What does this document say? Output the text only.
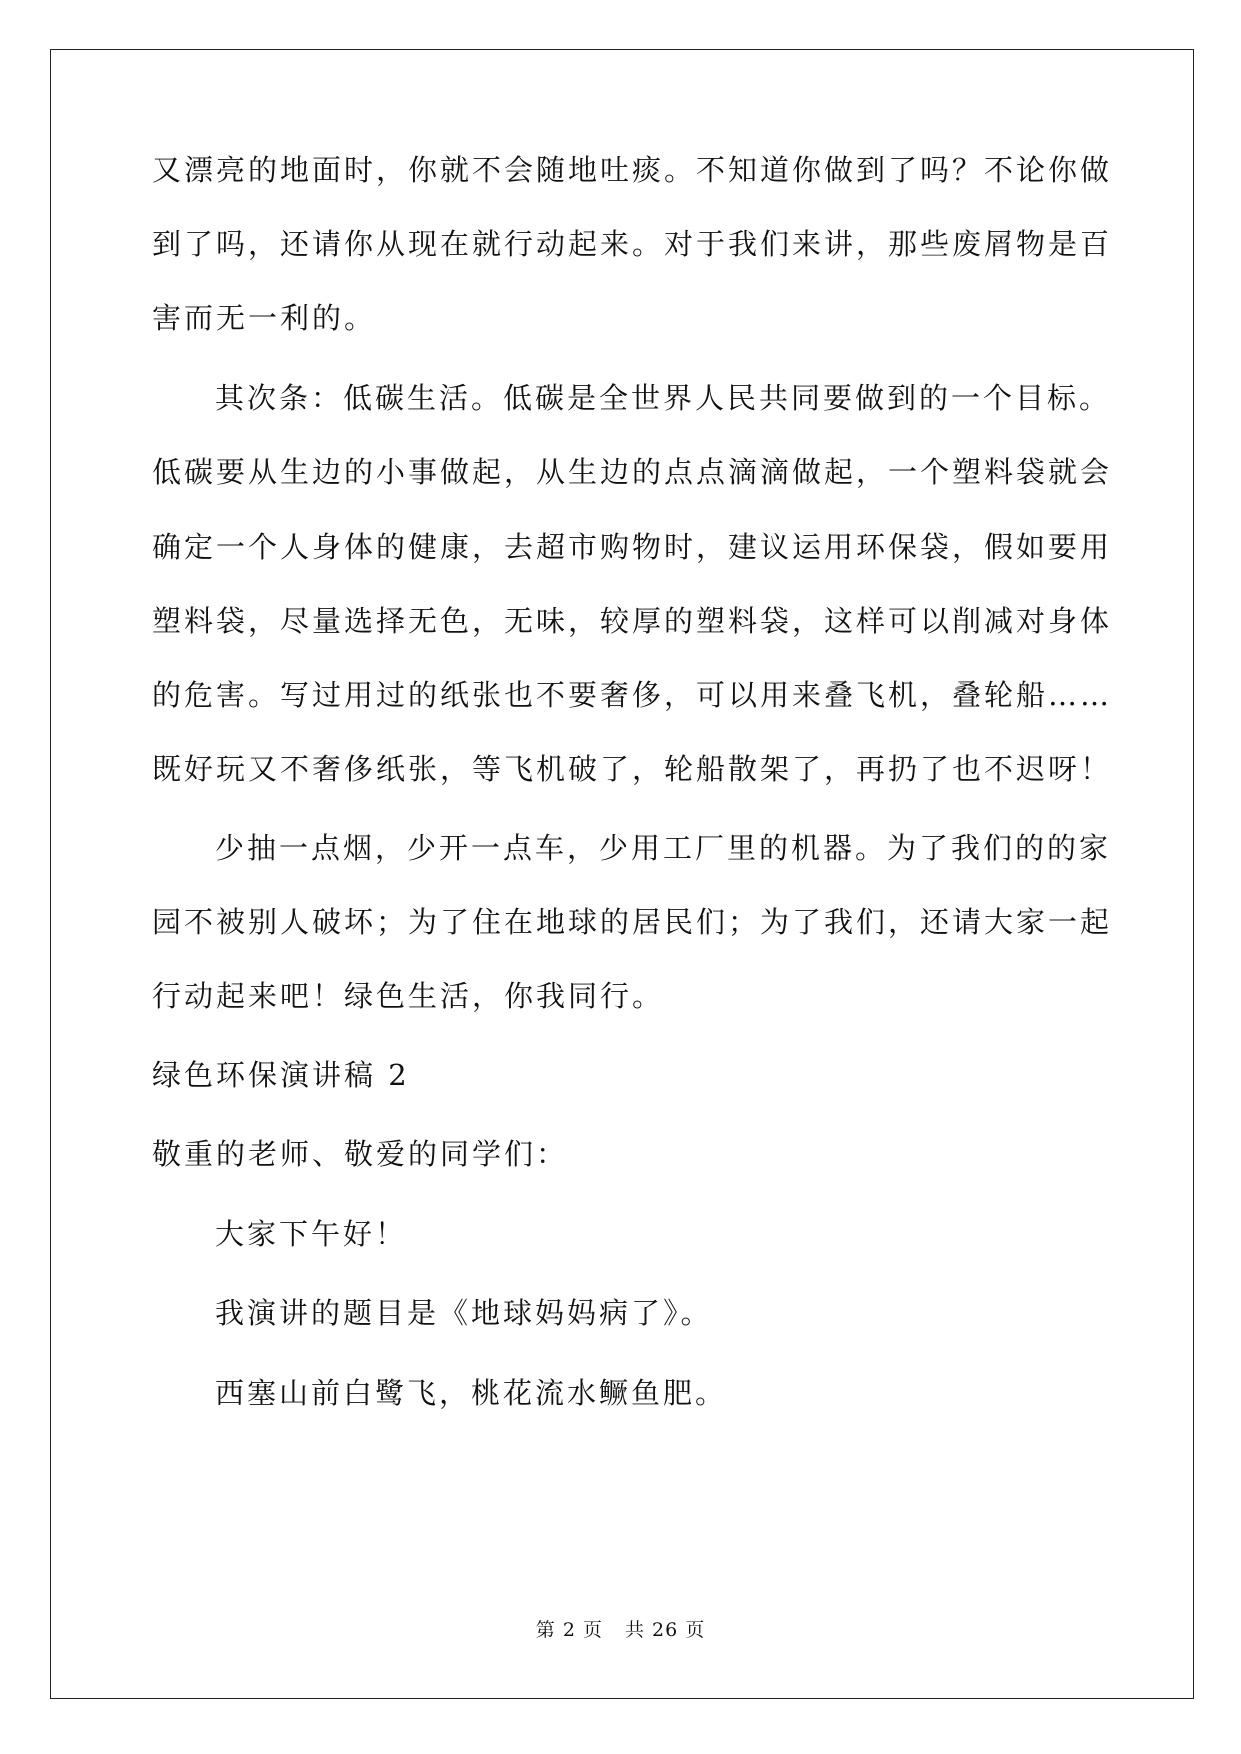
又漂亮的地面时，你就不会随地吐痰。不知道你做到了吗？不论你做
到了吗，还请你从现在就行动起来。对于我们来讲，那些废屑物是百
害而无一利的。
其次条：低碳生活。低碳是全世界人民共同要做到的一个目标。
低碳要从生边的小事做起，从生边的点点滴滴做起，一个塑料袋就会
确定一个人身体的健康，去超市购物时，建议运用环保袋，假如要用
塑料袋，尽量选择无色，无味，较厚的塑料袋，这样可以削减对身体
的危害。写过用过的纸张也不要奢侈，可以用来叠飞机，叠轮船……
既好玩又不奢侈纸张，等飞机破了，轮船散架了，再扔了也不迟呀！
少抽一点烟，少开一点车，少用工厂里的机器。为了我们的的家
园不被别人破坏；为了住在地球的居民们；为了我们，还请大家一起
行动起来吧！绿色生活，你我同行。
绿色环保演讲稿 2
敬重的老师、敬爱的同学们：
大家下午好！
我演讲的题目是《地球妈妈病了》。
西塞山前白鹭飞，桃花流水鳜鱼肥。
第 2 页 共 26 页
